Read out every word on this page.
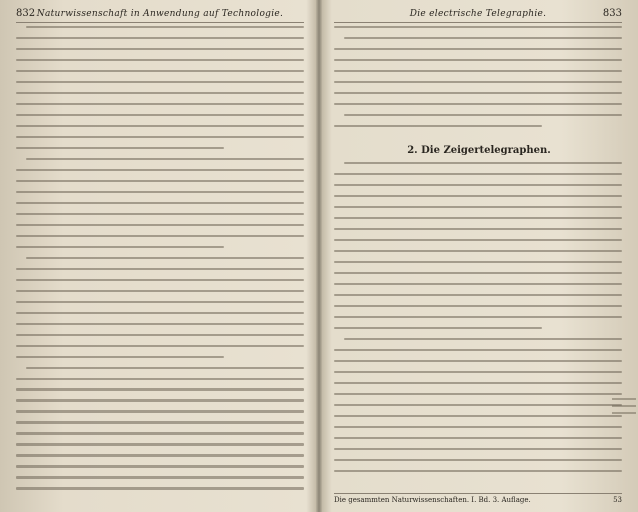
832 Naturwissenschaft in Anwendung auf Technologie.	Die electrische Telegraphie.	833
2. Die Zeigertelegraphen.
Die gesammten Naturwissenschaften. I. Bd. 3. Auflage.	53
